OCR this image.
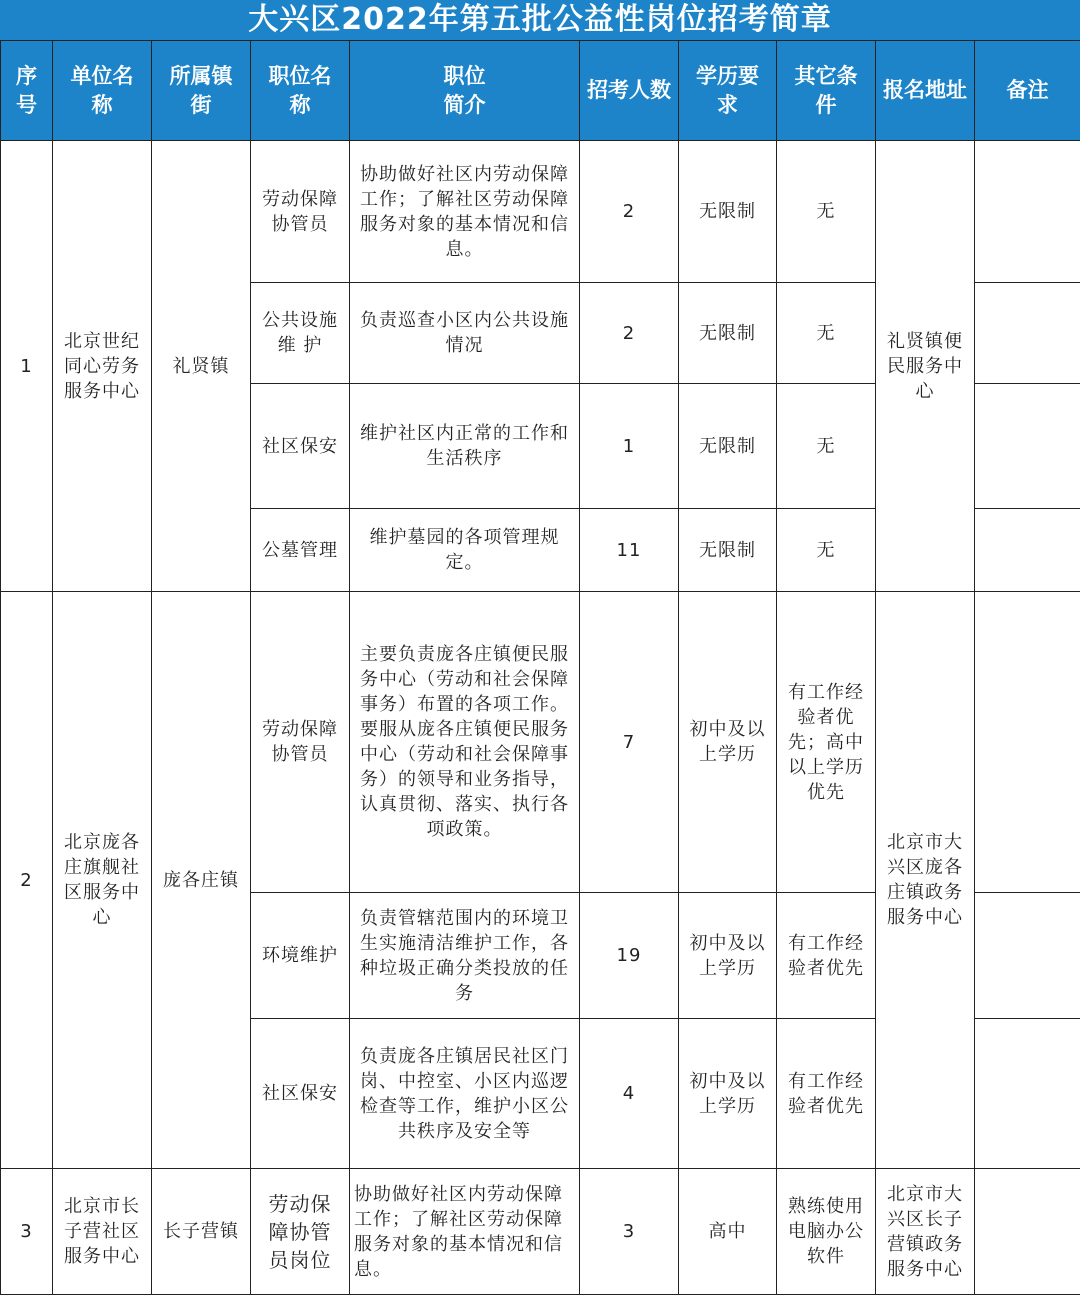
大兴区2022年第五批公益性岗位招考简章
序号	单位名称	所属镇街	职位名称	职位简介	招考人数	学历要求	其它条件	报名地址	备注
1	北京世纪同心劳务服务中心	礼贤镇	劳动保障协管员	协助做好社区内劳动保障工作；了解社区劳动保障服务对象的基本情况和信息。	2	无限制	无	礼贤镇便民服务中心	
			公共设施维 护	负责巡查小区内公共设施情况	2	无限制	无		
			社区保安	维护社区内正常的工作和生活秩序	1	无限制	无		
			公墓管理	维护墓园的各项管理规定。	11	无限制	无		
2	北京庞各庄旗舰社区服务中心	庞各庄镇	劳动保障协管员	主要负责庞各庄镇便民服务中心（劳动和社会保障事务）布置的各项工作。要服从庞各庄镇便民服务中心（劳动和社会保障事务）的领导和业务指导，认真贯彻、落实、执行各项政策。	7	初中及以上学历	有工作经验者优先；高中以上学历优先	北京市大兴区庞各庄镇政务服务中心	
			环境维护	负责管辖范围内的环境卫生实施清洁维护工作，各种垃圾正确分类投放的任务	19	初中及以上学历	有工作经验者优先		
			社区保安	负责庞各庄镇居民社区门岗、中控室、小区内巡逻检查等工作，维护小区公共秩序及安全等	4	初中及以上学历	有工作经验者优先		
3	北京市长子营社区服务中心	长子营镇	劳动保障协管员岗位	协助做好社区内劳动保障工作；了解社区劳动保障服务对象的基本情况和信息。	3	高中	熟练使用电脑办公软件	北京市大兴区长子营镇政务服务中心	
